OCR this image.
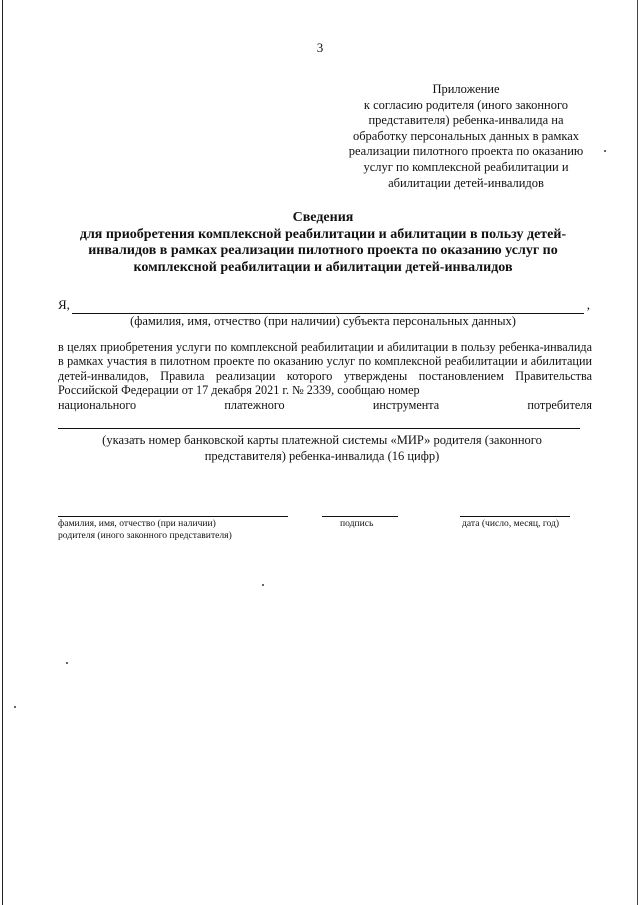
3
Приложение
к согласию родителя (иного законного
представителя) ребенка-инвалида на
обработку персональных данных в рамках
реализации пилотного проекта по оказанию
услуг по комплексной реабилитации и
абилитации детей-инвалидов
Сведения
для приобретения комплексной реабилитации и абилитации в пользу детей-
инвалидов в рамках реализации пилотного проекта по оказанию услуг по
комплексной реабилитации и абилитации детей-инвалидов
Я,	,
(фамилия, имя, отчество (при наличии) субъекта персональных данных)
в целях приобретения услуги по комплексной реабилитации и абилитации в пользу ребенка-инвалида в рамках участия в пилотном проекте по оказанию услуг по комплексной реабилитации и абилитации детей-инвалидов, Правила реализации которого утверждены постановлением Правительства Российской Федерации от 17 декабря 2021 г. № 2339, сообщаю номер
национального	платежного	инструмента	потребителя
(указать номер банковской карты платежной системы «МИР» родителя (законного
представителя) ребенка-инвалида (16 цифр)
фамилия, имя, отчество (при наличии)
родителя (иного законного представителя)
подпись	дата (число, месяц, год)
